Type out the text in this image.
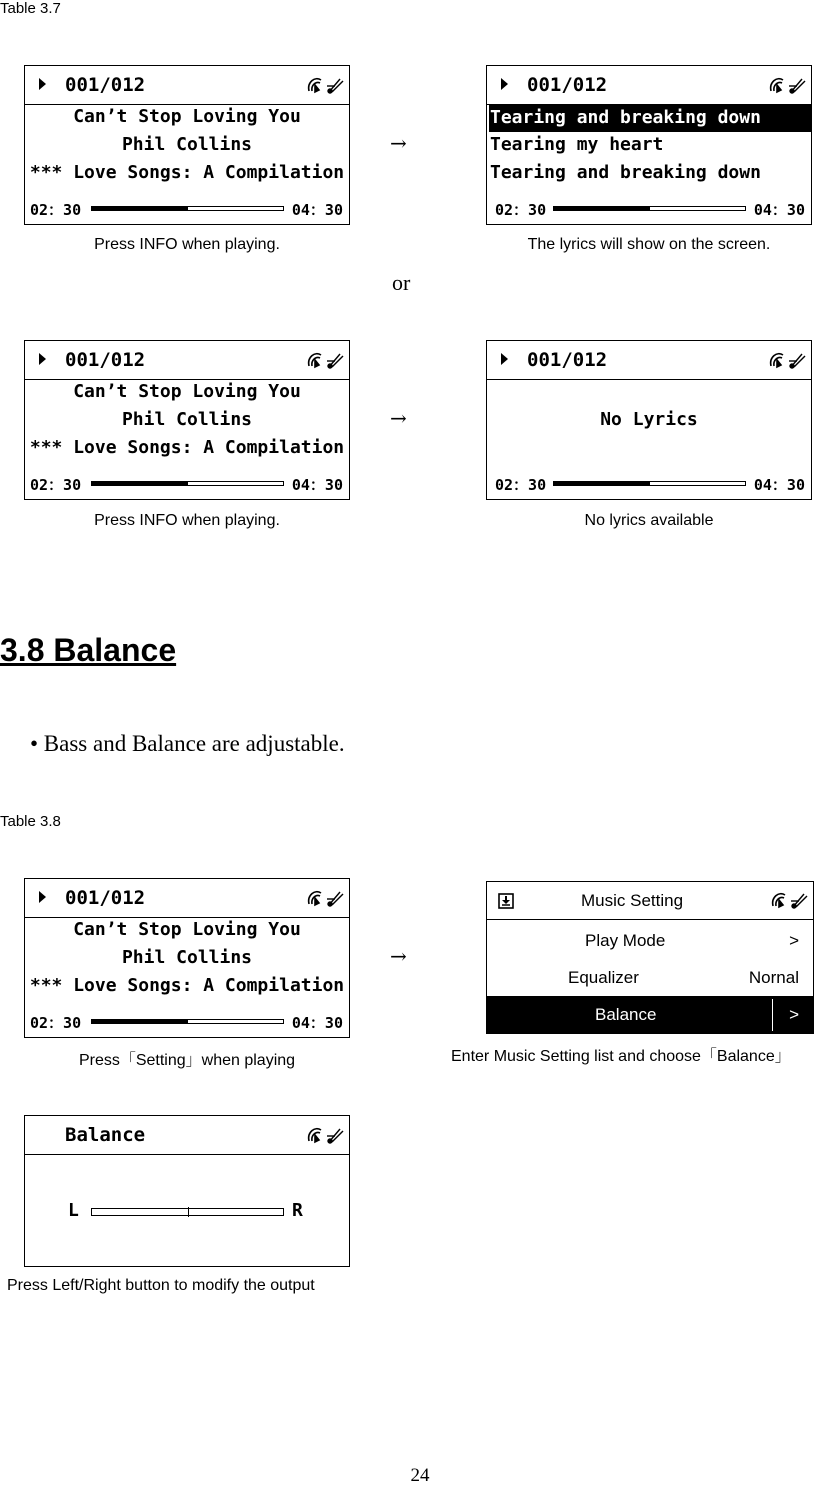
Table 3.7
001/012
Can’t Stop Loving You
Phil Collins
*** Love Songs: A Compilation
02：30	04：30
→
001/012
Tearing and breaking down
Tearing my heart
Tearing and breaking down
02：30	04：30
Press INFO when playing.	The lyrics will show on the screen.
or
001/012
Can’t Stop Loving You
Phil Collins
*** Love Songs: A Compilation
02：30	04：30
→
001/012
No Lyrics
02：30	04：30
Press INFO when playing.	No lyrics available
3.8 Balance
• Bass and Balance are adjustable.
Table 3.8
001/012
Can’t Stop Loving You
Phil Collins
*** Love Songs: A Compilation
02：30	04：30
→
Music Setting
Play Mode	>
Equalizer	Nornal
Balance	>
Press「Setting」when playing	Enter Music Setting list and choose「Balance」
Balance
L	R
Press Left/Right button to modify the output
24
